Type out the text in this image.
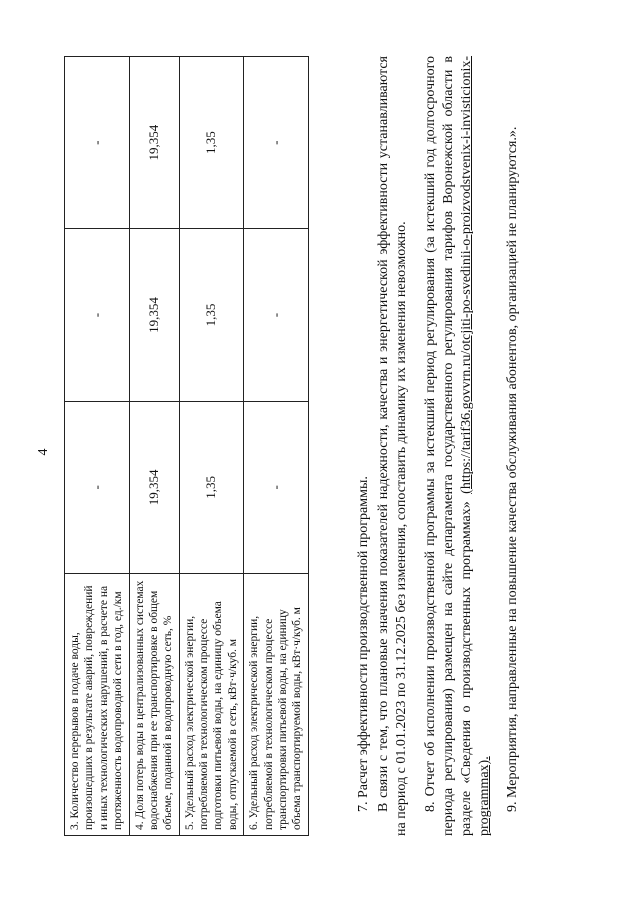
4
3. Количество перерывов в подаче воды, произошедших в результате аварий, повреждений и иных технологических нарушений, в расчете на протяженность водопроводной сети в год, ед./км	-	-	-
4. Доля потерь воды в централизованных системах водоснабжения при ее транспортировке в общем объеме, поданной в водопроводную сеть, %	19,354	19,354	19,354
5. Удельный расход электрической энергии, потребляемой в технологическом процессе подготовки питьевой воды, на единицу объема воды, отпускаемой в сеть, кВт·ч/куб. м	1,35	1,35	1,35
6. Удельный расход электрической энергии, потребляемой в технологическом процессе транспортировки питьевой воды, на единицу объема транспортируемой воды, кВт·ч/куб. м	-	-	-

7. Расчет эффективности производственной программы. В связи с тем, что плановые значения показателей надежности, качества и энергетической эффективности устанавливаются на период с 01.01.2023 по 31.12.2025 без изменения, сопоставить динамику их изменения невозможно. 8. Отчет об исполнении производственной программы за истекший период регулирования (за истекший год долгосрочного периода регулирования) размещен на сайте департамента государственного регулирования тарифов Воронежской области в разделе «Сведения о производственных программах» (https://tarif36.govvrn.ru/otcjiti-po-svedinii-o-proizvodstvenix-i-invisticionix-programmax). 9. Мероприятия, направленные на повышение качества обслуживания абонентов, организацией не планируются.».
